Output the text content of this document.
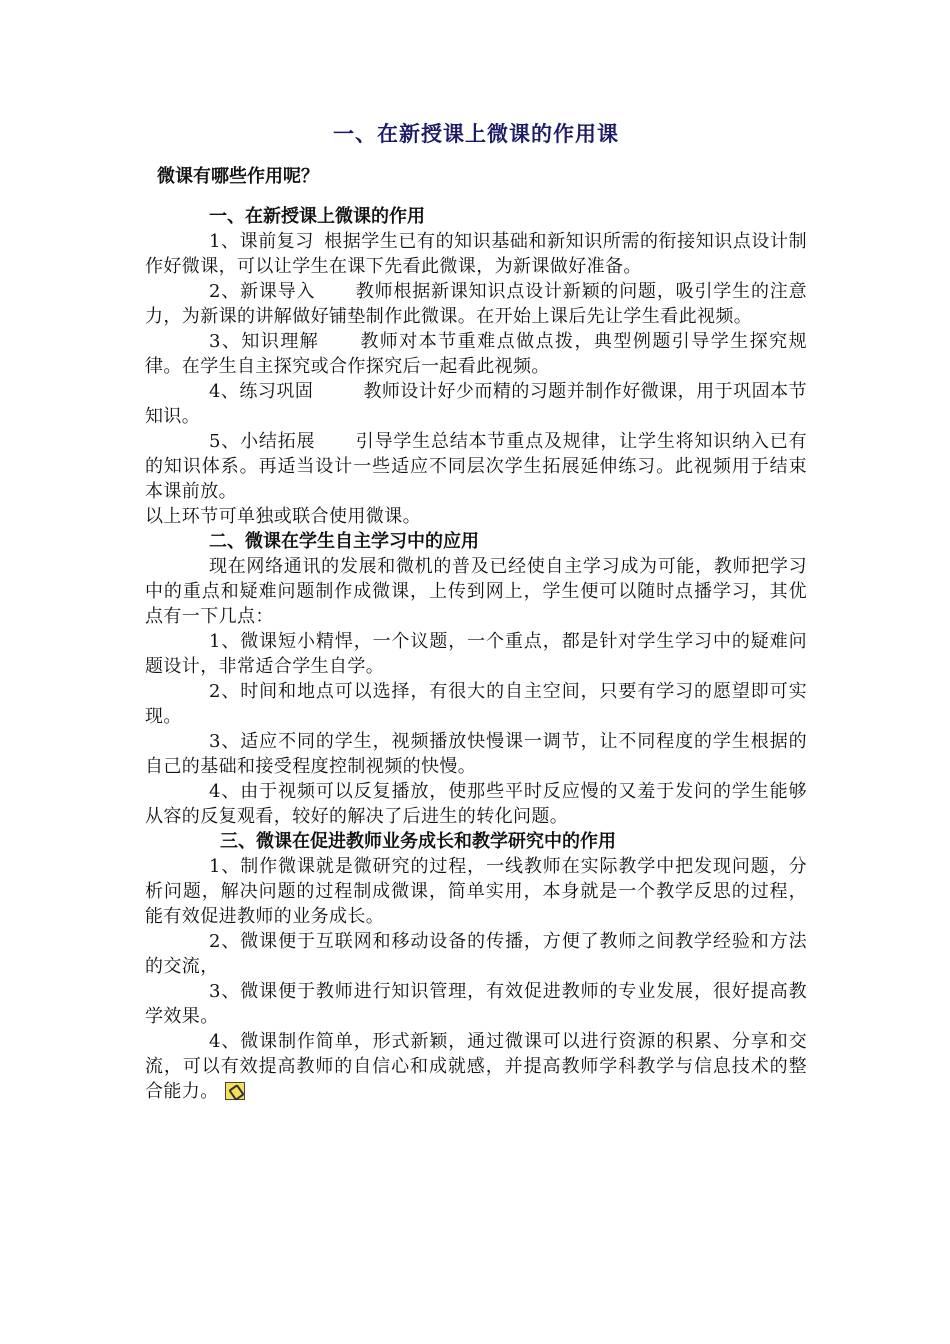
一、在新授课上微课的作用课
微课有哪些作用呢？
一、在新授课上微课的作用

1、课前复习 根据学生已有的知识基础和新知识所需的衔接知识点设计制作好微课，可以让学生在课下先看此微课，为新课做好准备。

2、新课导入 教师根据新课知识点设计新颖的问题，吸引学生的注意力，为新课的讲解做好铺垫制作此微课。在开始上课后先让学生看此视频。

3、知识理解 教师对本节重难点做点拨，典型例题引导学生探究规律。在学生自主探究或合作探究后一起看此视频。

4、练习巩固	教师设计好少而精的习题并制作好微课，用于巩固本节知识。

5、小结拓展 引导学生总结本节重点及规律，让学生将知识纳入已有的知识体系。再适当设计一些适应不同层次学生拓展延伸练习。此视频用于结束本课前放。

以上环节可单独或联合使用微课。

二、微课在学生自主学习中的应用

现在网络通讯的发展和微机的普及已经使自主学习成为可能，教师把学习中的重点和疑难问题制作成微课，上传到网上，学生便可以随时点播学习，其优点有一下几点：

1、微课短小精悍，一个议题，一个重点，都是针对学生学习中的疑难问题设计，非常适合学生自学。

2、时间和地点可以选择，有很大的自主空间，只要有学习的愿望即可实现。

3、适应不同的学生，视频播放快慢课一调节，让不同程度的学生根据的自己的基础和接受程度控制视频的快慢。

4、由于视频可以反复播放，使那些平时反应慢的又羞于发问的学生能够从容的反复观看，较好的解决了后进生的转化问题。

三、微课在促进教师业务成长和教学研究中的作用

1、制作微课就是微研究的过程，一线教师在实际教学中把发现问题，分析问题，解决问题的过程制成微课，简单实用，本身就是一个教学反思的过程，能有效促进教师的业务成长。

2、微课便于互联网和移动设备的传播，方便了教师之间教学经验和方法的交流，

3、微课便于教师进行知识管理，有效促进教师的专业发展，很好提高教学效果。

4、微课制作简单，形式新颖，通过微课可以进行资源的积累、分享和交流，可以有效提高教师的自信心和成就感，并提高教师学科教学与信息技术的整合能力。
